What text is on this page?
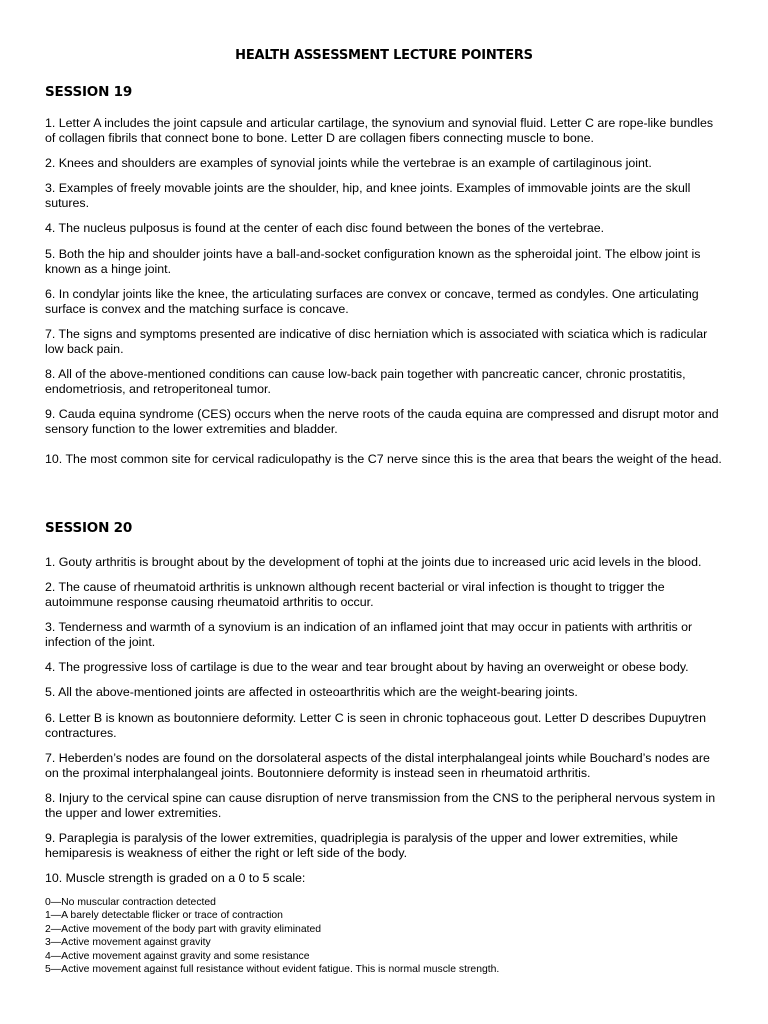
HEALTH ASSESSMENT LECTURE POINTERS
SESSION 19

1. Letter A includes the joint capsule and articular cartilage, the synovium and synovial fluid. Letter C are rope-like bundles of collagen fibrils that connect bone to bone. Letter D are collagen fibers connecting muscle to bone.

2. Knees and shoulders are examples of synovial joints while the vertebrae is an example of cartilaginous joint.

3. Examples of freely movable joints are the shoulder, hip, and knee joints. Examples of immovable joints are the skull sutures.

4. The nucleus pulposus is found at the center of each disc found between the bones of the vertebrae.

5. Both the hip and shoulder joints have a ball-and-socket configuration known as the spheroidal joint. The elbow joint is known as a hinge joint.

6. In condylar joints like the knee, the articulating surfaces are convex or concave, termed as condyles. One articulating surface is convex and the matching surface is concave.

7. The signs and symptoms presented are indicative of disc herniation which is associated with sciatica which is radicular low back pain.

8. All of the above-mentioned conditions can cause low-back pain together with pancreatic cancer, chronic prostatitis, endometriosis, and retroperitoneal tumor.

9. Cauda equina syndrome (CES) occurs when the nerve roots of the cauda equina are compressed and disrupt motor and sensory function to the lower extremities and bladder.

10. The most common site for cervical radiculopathy is the C7 nerve since this is the area that bears the weight of the head.

SESSION 20

1. Gouty arthritis is brought about by the development of tophi at the joints due to increased uric acid levels in the blood.

2. The cause of rheumatoid arthritis is unknown although recent bacterial or viral infection is thought to trigger the autoimmune response causing rheumatoid arthritis to occur.

3. Tenderness and warmth of a synovium is an indication of an inflamed joint that may occur in patients with arthritis or infection of the joint.

4. The progressive loss of cartilage is due to the wear and tear brought about by having an overweight or obese body.

5. All the above-mentioned joints are affected in osteoarthritis which are the weight-bearing joints.

6. Letter B is known as boutonniere deformity. Letter C is seen in chronic tophaceous gout. Letter D describes Dupuytren contractures.

7. Heberden’s nodes are found on the dorsolateral aspects of the distal interphalangeal joints while Bouchard’s nodes are on the proximal interphalangeal joints. Boutonniere deformity is instead seen in rheumatoid arthritis.

8. Injury to the cervical spine can cause disruption of nerve transmission from the CNS to the peripheral nervous system in the upper and lower extremities.

9. Paraplegia is paralysis of the lower extremities, quadriplegia is paralysis of the upper and lower extremities, while hemiparesis is weakness of either the right or left side of the body.

10. Muscle strength is graded on a 0 to 5 scale:

0—No muscular contraction detected
1—A barely detectable flicker or trace of contraction
2—Active movement of the body part with gravity eliminated
3—Active movement against gravity
4—Active movement against gravity and some resistance
5—Active movement against full resistance without evident fatigue. This is normal muscle strength.
